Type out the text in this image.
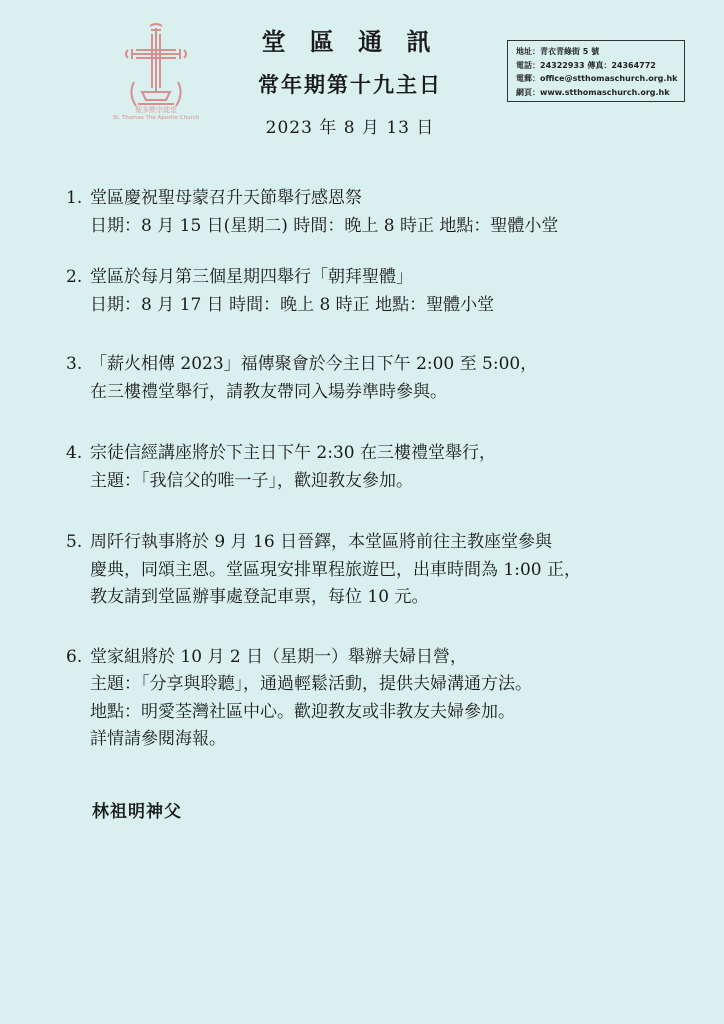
聖多默宗徒堂
St. Thomas The Apostle Church
堂 區 通 訊
常年期第十九主日
2023 年 8 月 13 日
地址：青衣青綠街 5 號
電話：24322933 傳真：24364772
電郵：office@stthomaschurch.org.hk
網頁：www.stthomaschurch.org.hk
1. 堂區慶祝聖母蒙召升天節舉行感恩祭
日期：8 月 15 日(星期二) 時間：晚上 8 時正 地點：聖體小堂
2. 堂區於每月第三個星期四舉行「朝拜聖體」
日期：8 月 17 日 時間：晚上 8 時正 地點：聖體小堂
3. 「薪火相傳 2023」福傳聚會於今主日下午 2:00 至 5:00，
在三樓禮堂舉行，請教友帶同入場券準時參與。
4. 宗徒信經講座將於下主日下午 2:30 在三樓禮堂舉行，
主題：「我信父的唯一子」，歡迎教友參加。
5. 周阡行執事將於 9 月 16 日晉鐸，本堂區將前往主教座堂參與
慶典，同頌主恩。堂區現安排單程旅遊巴，出車時間為 1:00 正，
教友請到堂區辦事處登記車票，每位 10 元。
6. 堂家組將於 10 月 2 日（星期一）舉辦夫婦日營，
主題：「分享與聆聽」，通過輕鬆活動，提供夫婦溝通方法。
地點：明愛荃灣社區中心。歡迎教友或非教友夫婦參加。
詳情請參閱海報。
林祖明神父
